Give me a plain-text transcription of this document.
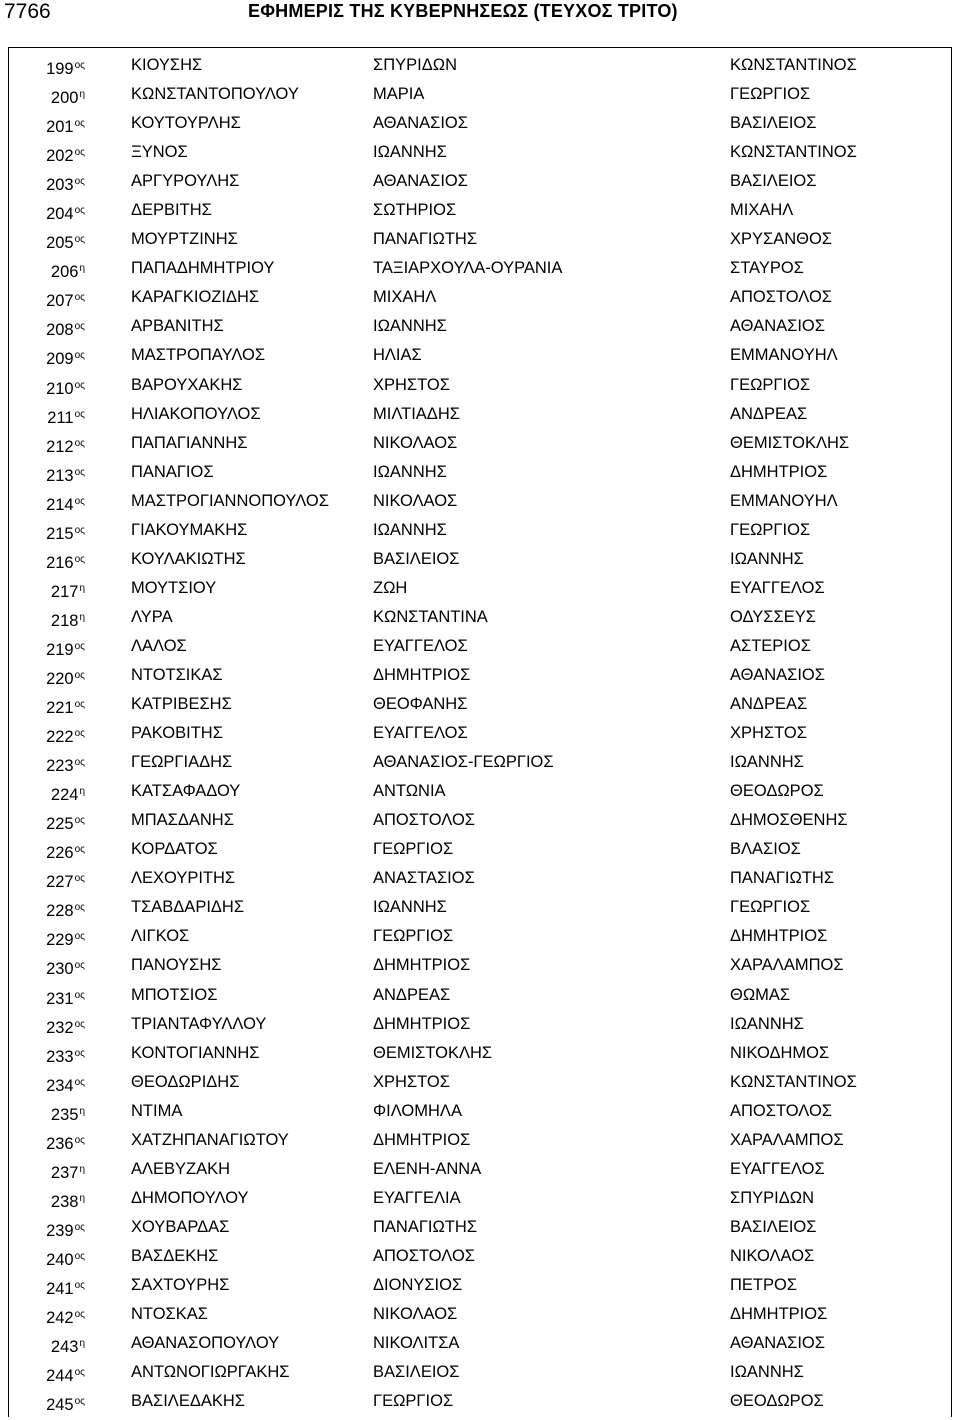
7766	ΕΦΗΜΕΡΙΣ ΤΗΣ ΚΥΒΕΡΝΗΣΕΩΣ (ΤΕΥΧΟΣ ΤΡΙΤΟ)
$199^{o\varsigma}$	ΚΙΟΥΣΗΣ	ΣΠΥΡΙΔΩΝ	ΚΩΝΣΤΑΝΤΙΝΟΣ
$200^\eta$	ΚΩΝΣΤΑΝΤΟΠΟΥΛΟΥ	ΜΑΡΙΑ	ΓΕΩΡΓΙΟΣ
$201^{o\varsigma}$	ΚΟΥΤΟΥΡΛΗΣ	ΑΘΑΝΑΣΙΟΣ	ΒΑΣΙΛΕΙΟΣ
$202^{o\varsigma}$	ΞΥΝΟΣ	ΙΩΑΝΝΗΣ	ΚΩΝΣΤΑΝΤΙΝΟΣ
$203^{o\varsigma}$	ΑΡΓΥΡΟΥΛΗΣ	ΑΘΑΝΑΣΙΟΣ	ΒΑΣΙΛΕΙΟΣ
$204^{o\varsigma}$	ΔΕΡΒΙΤΗΣ	ΣΩΤΗΡΙΟΣ	ΜΙΧΑΗΛ
$205^{o\varsigma}$	ΜΟΥΡΤΖΙΝΗΣ	ΠΑΝΑΓΙΩΤΗΣ	ΧΡΥΣΑΝΘΟΣ
$206^\eta$	ΠΑΠΑΔΗΜΗΤΡΙΟΥ	ΤΑΞΙΑΡΧΟΥΛΑ-ΟΥΡΑΝΙΑ	ΣΤΑΥΡΟΣ
$207^{o\varsigma}$	ΚΑΡΑΓΚΙΟΖΙΔΗΣ	ΜΙΧΑΗΛ	ΑΠΟΣΤΟΛΟΣ
$208^{o\varsigma}$	ΑΡΒΑΝΙΤΗΣ	ΙΩΑΝΝΗΣ	ΑΘΑΝΑΣΙΟΣ
$209^{o\varsigma}$	ΜΑΣΤΡΟΠΑΥΛΟΣ	ΗΛΙΑΣ	ΕΜΜΑΝΟΥΗΛ
$210^{o\varsigma}$	ΒΑΡΟΥΧΑΚΗΣ	ΧΡΗΣΤΟΣ	ΓΕΩΡΓΙΟΣ
$211^{o\varsigma}$	ΗΛΙΑΚΟΠΟΥΛΟΣ	ΜΙΛΤΙΑΔΗΣ	ΑΝΔΡΕΑΣ
$212^{o\varsigma}$	ΠΑΠΑΓΙΑΝΝΗΣ	ΝΙΚΟΛΑΟΣ	ΘΕΜΙΣΤΟΚΛΗΣ
$213^{o\varsigma}$	ΠΑΝΑΓΙΟΣ	ΙΩΑΝΝΗΣ	ΔΗΜΗΤΡΙΟΣ
$214^{o\varsigma}$	ΜΑΣΤΡΟΓΙΑΝΝΟΠΟΥΛΟΣ	ΝΙΚΟΛΑΟΣ	ΕΜΜΑΝΟΥΗΛ
$215^{o\varsigma}$	ΓΙΑΚΟΥΜΑΚΗΣ	ΙΩΑΝΝΗΣ	ΓΕΩΡΓΙΟΣ
$216^{o\varsigma}$	ΚΟΥΛΑΚΙΩΤΗΣ	ΒΑΣΙΛΕΙΟΣ	ΙΩΑΝΝΗΣ
$217^\eta$	ΜΟΥΤΣΙΟΥ	ΖΩΗ	ΕΥΑΓΓΕΛΟΣ
$218^\eta$	ΛΥΡΑ	ΚΩΝΣΤΑΝΤΙΝΑ	ΟΔΥΣΣΕΥΣ
$219^{o\varsigma}$	ΛΑΛΟΣ	ΕΥΑΓΓΕΛΟΣ	ΑΣΤΕΡΙΟΣ
$220^{o\varsigma}$	ΝΤΟΤΣΙΚΑΣ	ΔΗΜΗΤΡΙΟΣ	ΑΘΑΝΑΣΙΟΣ
$221^{o\varsigma}$	ΚΑΤΡΙΒΕΣΗΣ	ΘΕΟΦΑΝΗΣ	ΑΝΔΡΕΑΣ
$222^{o\varsigma}$	ΡΑΚΟΒΙΤΗΣ	ΕΥΑΓΓΕΛΟΣ	ΧΡΗΣΤΟΣ
$223^{o\varsigma}$	ΓΕΩΡΓΙΑΔΗΣ	ΑΘΑΝΑΣΙΟΣ-ΓΕΩΡΓΙΟΣ	ΙΩΑΝΝΗΣ
$224^\eta$	ΚΑΤΣΑΦΑΔΟΥ	ΑΝΤΩΝΙΑ	ΘΕΟΔΩΡΟΣ
$225^{o\varsigma}$	ΜΠΑΣΔΑΝΗΣ	ΑΠΟΣΤΟΛΟΣ	ΔΗΜΟΣΘΕΝΗΣ
$226^{o\varsigma}$	ΚΟΡΔΑΤΟΣ	ΓΕΩΡΓΙΟΣ	ΒΛΑΣΙΟΣ
$227^{o\varsigma}$	ΛΕΧΟΥΡΙΤΗΣ	ΑΝΑΣΤΑΣΙΟΣ	ΠΑΝΑΓΙΩΤΗΣ
$228^{o\varsigma}$	ΤΣΑΒΔΑΡΙΔΗΣ	ΙΩΑΝΝΗΣ	ΓΕΩΡΓΙΟΣ
$229^{o\varsigma}$	ΛΙΓΚΟΣ	ΓΕΩΡΓΙΟΣ	ΔΗΜΗΤΡΙΟΣ
$230^{o\varsigma}$	ΠΑΝΟΥΣΗΣ	ΔΗΜΗΤΡΙΟΣ	ΧΑΡΑΛΑΜΠΟΣ
$231^{o\varsigma}$	ΜΠΟΤΣΙΟΣ	ΑΝΔΡΕΑΣ	ΘΩΜΑΣ
$232^{o\varsigma}$	ΤΡΙΑΝΤΑΦΥΛΛΟΥ	ΔΗΜΗΤΡΙΟΣ	ΙΩΑΝΝΗΣ
$233^{o\varsigma}$	ΚΟΝΤΟΓΙΑΝΝΗΣ	ΘΕΜΙΣΤΟΚΛΗΣ	ΝΙΚΟΔΗΜΟΣ
$234^{o\varsigma}$	ΘΕΟΔΩΡΙΔΗΣ	ΧΡΗΣΤΟΣ	ΚΩΝΣΤΑΝΤΙΝΟΣ
$235^\eta$	ΝΤΙΜΑ	ΦΙΛΟΜΗΛΑ	ΑΠΟΣΤΟΛΟΣ
$236^{o\varsigma}$	ΧΑΤΖΗΠΑΝΑΓΙΩΤΟΥ	ΔΗΜΗΤΡΙΟΣ	ΧΑΡΑΛΑΜΠΟΣ
$237^\eta$	ΑΛΕΒΥΖΑΚΗ	ΕΛΕΝΗ-ΑΝΝΑ	ΕΥΑΓΓΕΛΟΣ
$238^\eta$	ΔΗΜΟΠΟΥΛΟΥ	ΕΥΑΓΓΕΛΙΑ	ΣΠΥΡΙΔΩΝ
$239^{o\varsigma}$	ΧΟΥΒΑΡΔΑΣ	ΠΑΝΑΓΙΩΤΗΣ	ΒΑΣΙΛΕΙΟΣ
$240^{o\varsigma}$	ΒΑΣΔΕΚΗΣ	ΑΠΟΣΤΟΛΟΣ	ΝΙΚΟΛΑΟΣ
$241^{o\varsigma}$	ΣΑΧΤΟΥΡΗΣ	ΔΙΟΝΥΣΙΟΣ	ΠΕΤΡΟΣ
$242^{o\varsigma}$	ΝΤΟΣΚΑΣ	ΝΙΚΟΛΑΟΣ	ΔΗΜΗΤΡΙΟΣ
$243^\eta$	ΑΘΑΝΑΣΟΠΟΥΛΟΥ	ΝΙΚΟΛΙΤΣΑ	ΑΘΑΝΑΣΙΟΣ
$244^{o\varsigma}$	ΑΝΤΩΝΟΓΙΩΡΓΑΚΗΣ	ΒΑΣΙΛΕΙΟΣ	ΙΩΑΝΝΗΣ
$245^{o\varsigma}$	ΒΑΣΙΛΕΔΑΚΗΣ	ΓΕΩΡΓΙΟΣ	ΘΕΟΔΩΡΟΣ
